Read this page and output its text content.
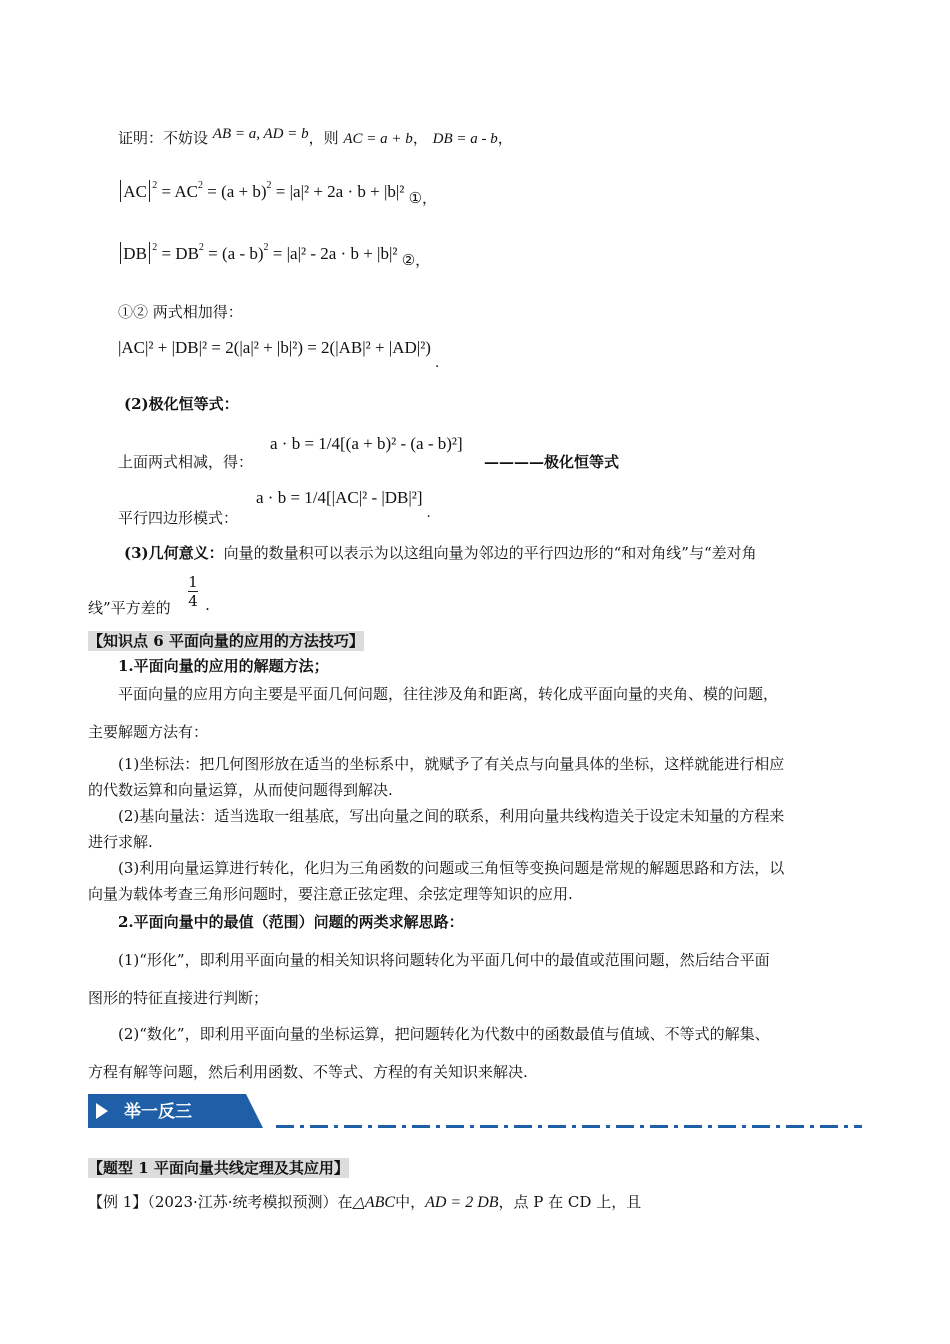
证明：不妨设 AB = a, AD = b，则 AC = a + b， DB = a - b，
AC $^2 = AC^2 = (a + b)^2 = |a|^2 + 2a \cdot b + |b|^2$ ①，
DB $^2 = DB^2 = (a - b)^2 = |a|^2 - 2a \cdot b + |b|^2$ ②，
①② 两式相加得：
|AC|² + |DB|² = 2(|a|² + |b|²) = 2(|AB|² + |AD|²) .
(2)极化恒等式：
上面两式相减，得：
a · b = 1/4[(a + b)² - (a - b)²]
————极化恒等式
平行四边形模式：
a · b = 1/4[|AC|² - |DB|²] .
(3)几何意义：向量的数量积可以表示为以这组向量为邻边的平行四边形的“和对角线”与“差对角
线”平方差的 $\frac{1}{4}$ .
【知识点 6 平面向量的应用的方法技巧】
1.平面向量的应用的解题方法；
平面向量的应用方向主要是平面几何问题，往往涉及角和距离，转化成平面向量的夹角、模的问题，
主要解题方法有：
(1)坐标法：把几何图形放在适当的坐标系中，就赋予了有关点与向量具体的坐标，这样就能进行相应
的代数运算和向量运算，从而使问题得到解决.
(2)基向量法：适当选取一组基底，写出向量之间的联系，利用向量共线构造关于设定未知量的方程来
进行求解.
(3)利用向量运算进行转化，化归为三角函数的问题或三角恒等变换问题是常规的解题思路和方法，以
向量为载体考查三角形问题时，要注意正弦定理、余弦定理等知识的应用.
2.平面向量中的最值（范围）问题的两类求解思路：
(1)“形化”，即利用平面向量的相关知识将问题转化为平面几何中的最值或范围问题，然后结合平面
图形的特征直接进行判断；
(2)“数化”，即利用平面向量的坐标运算，把问题转化为代数中的函数最值与值域、不等式的解集、
方程有解等问题，然后利用函数、不等式、方程的有关知识来解决.
举一反三
【题型 1 平面向量共线定理及其应用】
【例 1】（2023·江苏·统考模拟预测）在△ABC中，AD = 2 DB，点 P 在 CD 上，且
